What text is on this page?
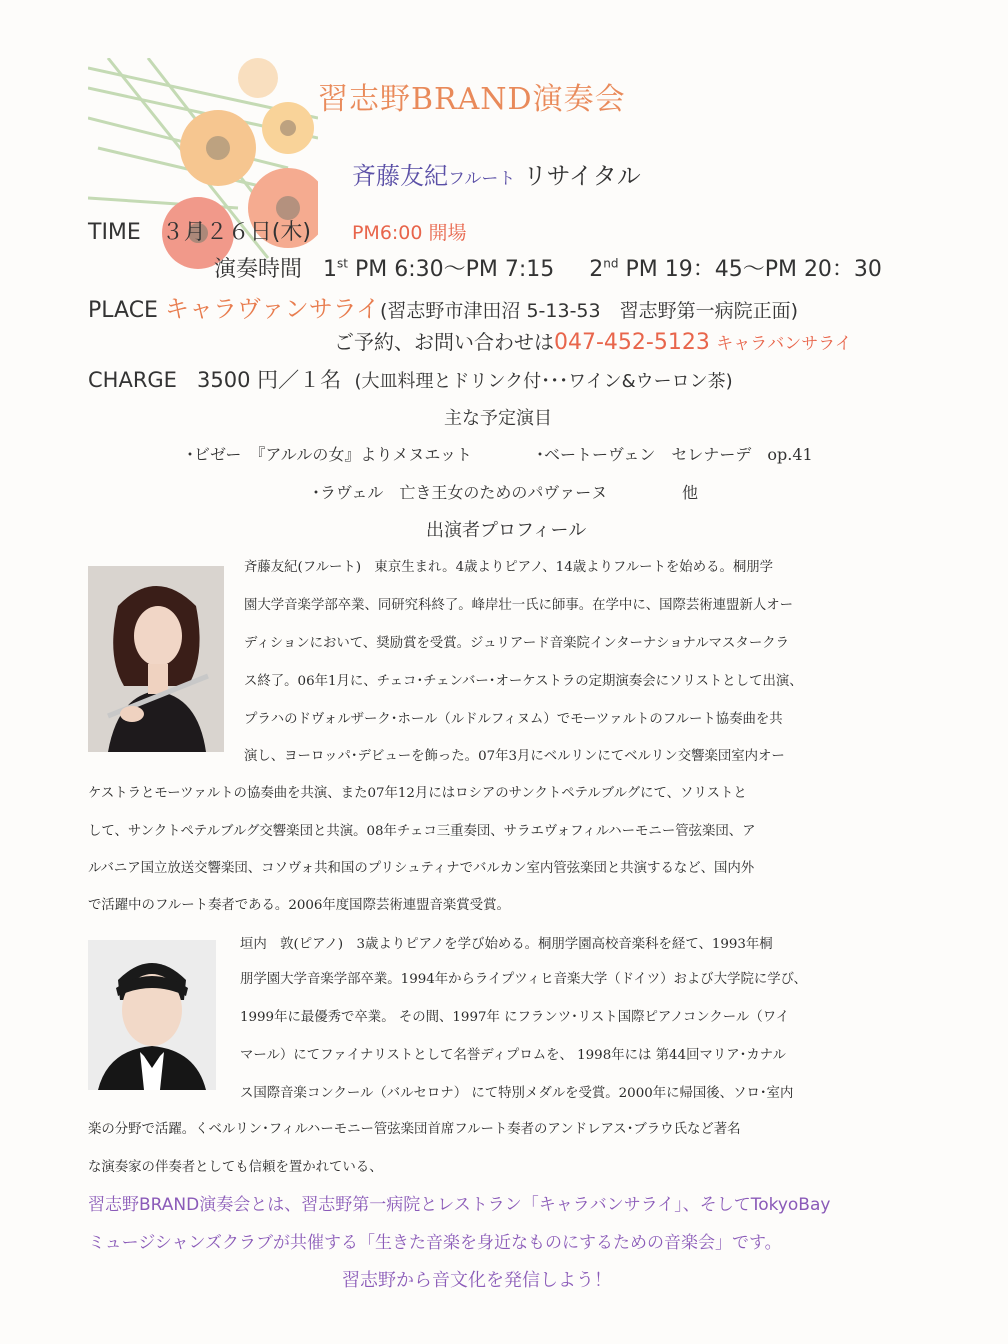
習志野BRAND演奏会
斉藤友紀フルート リサイタル
TIME ３月２６日(木) PM6:00 開場
演奏時間 1st PM 6:30～PM 7:15 2nd PM 19：45～PM 20：30
PLACE キャラヴァンサライ(習志野市津田沼 5-13-53　習志野第一病院正面)
ご予約、お問い合わせは047-452-5123 キャラバンサライ
CHARGE 3500 円／１名 (大皿料理とドリンク付･･･ワイン&ウーロン茶)
主な予定演目
･ビゼー　『アルルの女』よりメヌエット	･ベートーヴェン　セレナーデ　op.41
･ラヴェル　亡き王女のためのパヴァーヌ	他
出演者プロフィール
斉藤友紀(フルート)　東京生まれ。4歳よりピアノ、14歳よりフルートを始める。桐朋学
園大学音楽学部卒業、同研究科終了。峰岸壮一氏に師事。在学中に、国際芸術連盟新人オー
ディションにおいて、奨励賞を受賞。ジュリアード音楽院インターナショナルマスタークラ
ス終了。06年1月に、チェコ･チェンバー･オーケストラの定期演奏会にソリストとして出演、
プラハのドヴォルザーク･ホール（ルドルフィヌム）でモーツァルトのフルート協奏曲を共
演し、ヨーロッパ･デビューを飾った。07年3月にベルリンにてベルリン交響楽団室内オー
ケストラとモーツァルトの協奏曲を共演、また07年12月にはロシアのサンクトペテルブルグにて、ソリストと
して、サンクトペテルブルグ交響楽団と共演。08年チェコ三重奏団、サラエヴォフィルハーモニー管弦楽団、ア
ルバニア国立放送交響楽団、コソヴォ共和国のプリシュティナでバルカン室内管弦楽団と共演するなど、国内外
で活躍中のフルート奏者である。2006年度国際芸術連盟音楽賞受賞。
垣内　敦(ピアノ)　3歳よりピアノを学び始める。桐朋学園高校音楽科を経て、1993年桐
朋学園大学音楽学部卒業。1994年からライプツィヒ音楽大学（ドイツ）および大学院に学び、
1999年に最優秀で卒業。 その間、1997年 にフランツ･リスト国際ピアノコンクール（ワイ
マール）にてファイナリストとして名誉ディプロムを、 1998年には 第44回マリア･カナル
ス国際音楽コンクール（バルセロナ） にて特別メダルを受賞。2000年に帰国後、ソロ･室内
楽の分野で活躍。くベルリン･フィルハーモニー管弦楽団首席フルート奏者のアンドレアス･ブラウ氏など著名
な演奏家の伴奏者としても信頼を置かれている、
習志野BRAND演奏会とは、習志野第一病院とレストラン「キャラバンサライ」、そしてTokyoBay
ミュージシャンズクラブが共催する「生きた音楽を身近なものにするための音楽会」です。
習志野から音文化を発信しよう！
